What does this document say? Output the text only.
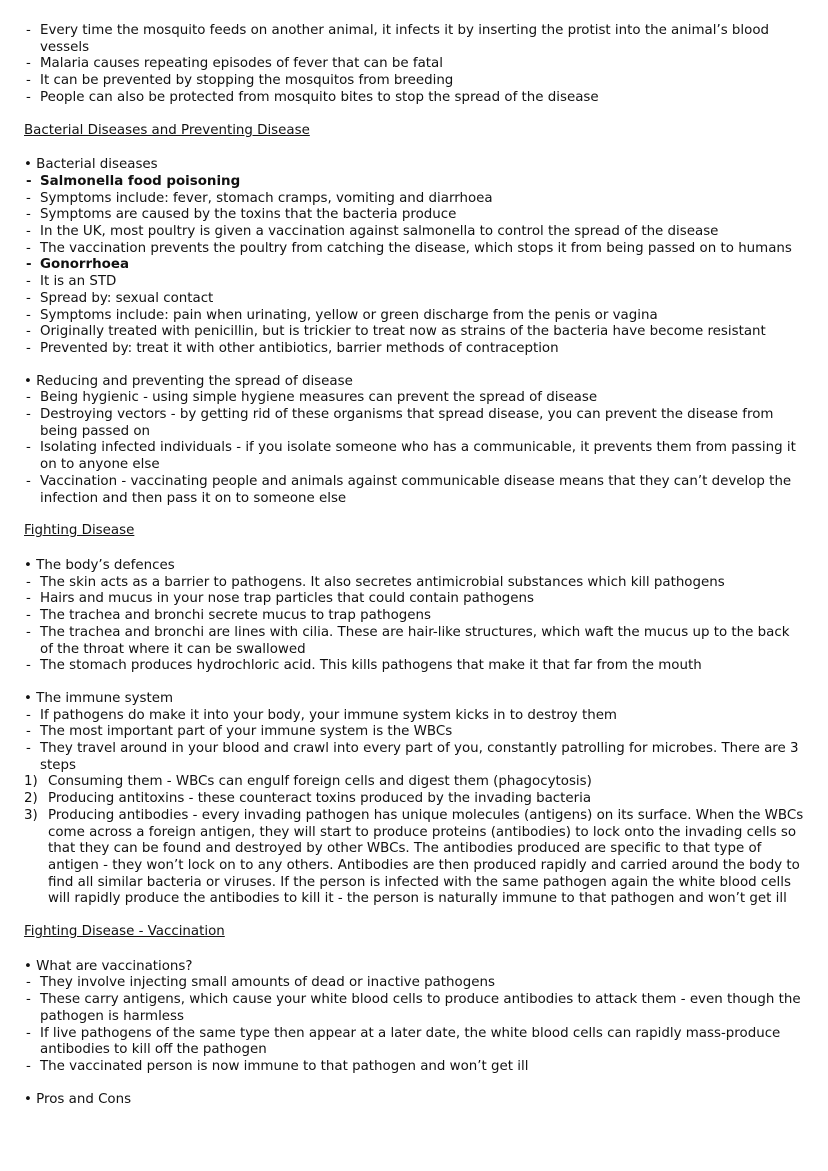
- Every time the mosquito feeds on another animal, it infects it by inserting the protist into the animal’s blood vessels
- Malaria causes repeating episodes of fever that can be fatal
- It can be prevented by stopping the mosquitos from breeding
- People can also be protected from mosquito bites to stop the spread of the disease
Bacterial Diseases and Preventing Disease
• Bacterial diseases
- Salmonella food poisoning
- Symptoms include: fever, stomach cramps, vomiting and diarrhoea
- Symptoms are caused by the toxins that the bacteria produce
- In the UK, most poultry is given a vaccination against salmonella to control the spread of the disease
- The vaccination prevents the poultry from catching the disease, which stops it from being passed on to humans
- Gonorrhoea
- It is an STD
- Spread by: sexual contact
- Symptoms include: pain when urinating, yellow or green discharge from the penis or vagina
- Originally treated with penicillin, but is trickier to treat now as strains of the bacteria have become resistant
- Prevented by: treat it with other antibiotics, barrier methods of contraception
• Reducing and preventing the spread of disease
- Being hygienic - using simple hygiene measures can prevent the spread of disease
- Destroying vectors - by getting rid of these organisms that spread disease, you can prevent the disease from being passed on
- Isolating infected individuals - if you isolate someone who has a communicable, it prevents them from passing it on to anyone else
- Vaccination - vaccinating people and animals against communicable disease means that they can’t develop the infection and then pass it on to someone else
Fighting Disease
• The body’s defences
- The skin acts as a barrier to pathogens. It also secretes antimicrobial substances which kill pathogens
- Hairs and mucus in your nose trap particles that could contain pathogens
- The trachea and bronchi secrete mucus to trap pathogens
- The trachea and bronchi are lines with cilia. These are hair-like structures, which waft the mucus up to the back of the throat where it can be swallowed
- The stomach produces hydrochloric acid. This kills pathogens that make it that far from the mouth
• The immune system
- If pathogens do make it into your body, your immune system kicks in to destroy them
- The most important part of your immune system is the WBCs
- They travel around in your blood and crawl into every part of you, constantly patrolling for microbes. There are 3 steps
1) Consuming them - WBCs can engulf foreign cells and digest them (phagocytosis)
2) Producing antitoxins - these counteract toxins produced by the invading bacteria
3) Producing antibodies - every invading pathogen has unique molecules (antigens) on its surface. When the WBCs come across a foreign antigen, they will start to produce proteins (antibodies) to lock onto the invading cells so that they can be found and destroyed by other WBCs. The antibodies produced are specific to that type of antigen - they won’t lock on to any others. Antibodies are then produced rapidly and carried around the body to find all similar bacteria or viruses. If the person is infected with the same pathogen again the white blood cells will rapidly produce the antibodies to kill it - the person is naturally immune to that pathogen and won’t get ill
Fighting Disease - Vaccination
• What are vaccinations?
- They involve injecting small amounts of dead or inactive pathogens
- These carry antigens, which cause your white blood cells to produce antibodies to attack them - even though the pathogen is harmless
- If live pathogens of the same type then appear at a later date, the white blood cells can rapidly mass-produce antibodies to kill off the pathogen
- The vaccinated person is now immune to that pathogen and won’t get ill
• Pros and Cons
